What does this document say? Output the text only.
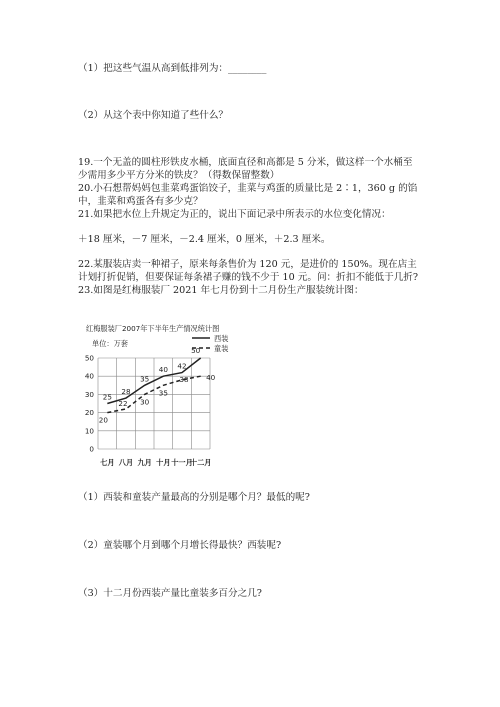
（1）把这些气温从高到低排列为：________
（2）从这个表中你知道了些什么？
19.一个无盖的圆柱形铁皮水桶，底面直径和高都是 5 分米，做这样一个水桶至
少需用多少平方分米的铁皮？（得数保留整数）
20.小石想帮妈妈包韭菜鸡蛋馅饺子，韭菜与鸡蛋的质量比是 2∶1，360 g 的馅
中，韭菜和鸡蛋各有多少克？
21.如果把水位上升规定为正的，说出下面记录中所表示的水位变化情况：
＋18 厘米，－7 厘米，－2.4 厘米，0 厘米，＋2.3 厘米。
22.某服装店卖一种裙子，原来每条售价为 120 元，是进价的 150%。现在店主
计划打折促销，但要保证每条裙子赚的钱不少于 10 元。问：折扣不能低于几折?
23.如图是红梅服装厂 2021 年七月份到十二月份生产服装统计图：
红梅服装厂2007年下半年生产情况统计图
单位：万套
西装
童装
0
10
20
30
40
50
七月 八月 九月 十月 十一月
十二月
25
28
35
40 42
50
20
22 30
35
38 40
（1）西装和童装产量最高的分别是哪个月？最低的呢?
（2）童装哪个月到哪个月增长得最快？西装呢?
（3）十二月份西装产量比童装多百分之几?
